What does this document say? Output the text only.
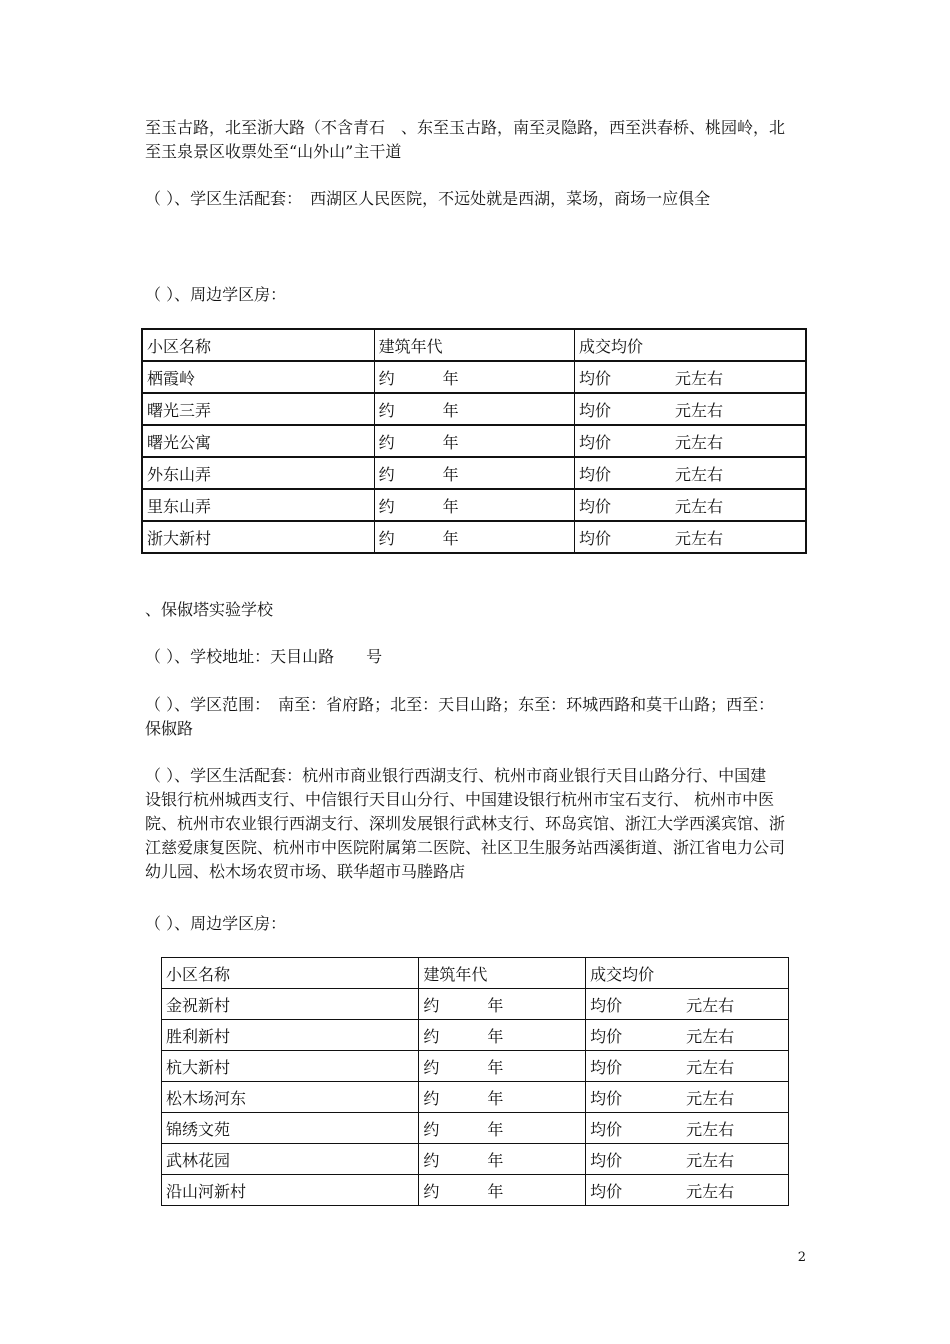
至玉古路，北至浙大路（不含青石　、东至玉古路，南至灵隐路，西至洪春桥、桃园岭，北
至玉泉景区收票处至“山外山”主干道
（ ）、学区生活配套：　西湖区人民医院，不远处就是西湖，菜场，商场一应俱全
（ ）、周边学区房：
小区名称	建筑年代	成交均价
栖霞岭	约　　　年	均价　　　　元左右
曙光三弄	约　　　年	均价　　　　元左右
曙光公寓	约　　　年	均价　　　　元左右
外东山弄	约　　　年	均价　　　　元左右
里东山弄	约　　　年	均价　　　　元左右
浙大新村	约　　　年	均价　　　　元左右
、保俶塔实验学校
（ ）、学校地址：天目山路　　号
（ ）、学区范围：　南至：省府路；北至：天目山路；东至：环城西路和莫干山路；西至：
保俶路
（ ）、学区生活配套：杭州市商业银行西湖支行、杭州市商业银行天目山路分行、中国建
设银行杭州城西支行、中信银行天目山分行、中国建设银行杭州市宝石支行、 杭州市中医
院、杭州市农业银行西湖支行、深圳发展银行武林支行、环岛宾馆、浙江大学西溪宾馆、浙
江慈爱康复医院、杭州市中医院附属第二医院、社区卫生服务站西溪街道、浙江省电力公司
幼儿园、松木场农贸市场、联华超市马塍路店
（ ）、周边学区房：
小区名称	建筑年代	成交均价
金祝新村	约　　　年	均价　　　　元左右
胜利新村	约　　　年	均价　　　　元左右
杭大新村	约　　　年	均价　　　　元左右
松木场河东	约　　　年	均价　　　　元左右
锦绣文苑	约　　　年	均价　　　　元左右
武林花园	约　　　年	均价　　　　元左右
沿山河新村	约　　　年	均价　　　　元左右
2
